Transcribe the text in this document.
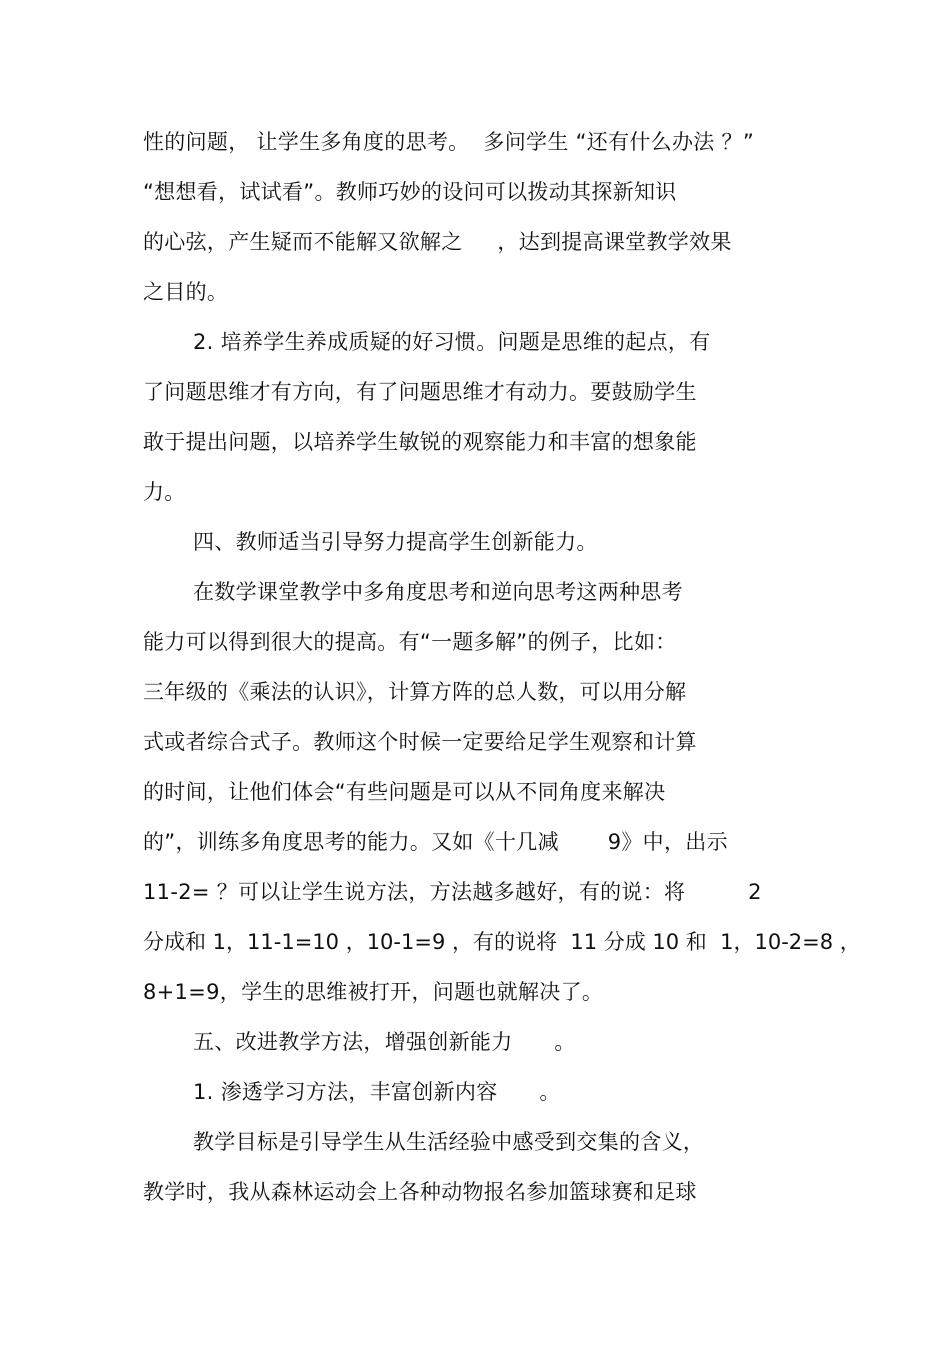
性的问题， 让学生多角度的思考。  多问学生 “还有什么办法 ？”
“想想看，试试看”。教师巧妙的设问可以拨动其探新知识
的心弦，产生疑而不能解又欲解之     ，达到提高课堂教学效果
之目的。
2. 培养学生养成质疑的好习惯。问题是思维的起点，有
了问题思维才有方向，有了问题思维才有动力。要鼓励学生
敢于提出问题，以培养学生敏锐的观察能力和丰富的想象能
力。
四、教师适当引导努力提高学生创新能力。
在数学课堂教学中多角度思考和逆向思考这两种思考
能力可以得到很大的提高。有“一题多解”的例子，比如：
三年级的《乘法的认识》，计算方阵的总人数，可以用分解
式或者综合式子。教师这个时候一定要给足学生观察和计算
的时间，让他们体会“有些问题是可以从不同角度来解决
的”，训练多角度思考的能力。又如《十几减       9》中，出示
11-2= ？可以让学生说方法，方法越多越好，有的说：将         2
分成和 1，11-1=10 ，10-1=9 ，有的说将  11 分成 10 和  1，10-2=8 ，
8+1=9，学生的思维被打开，问题也就解决了。
五、改进教学方法，增强创新能力      。
1. 渗透学习方法，丰富创新内容      。
教学目标是引导学生从生活经验中感受到交集的含义，
教学时，我从森林运动会上各种动物报名参加篮球赛和足球
